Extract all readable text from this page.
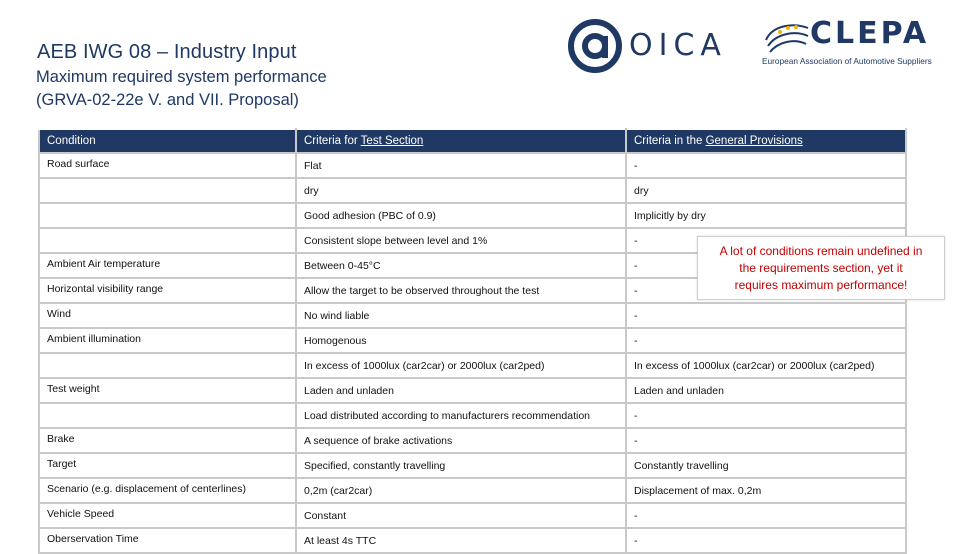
AEB IWG 08 – Industry Input
Maximum required system performance
(GRVA-02-22e V. and VII. Proposal)
OICA	CLEPA
European Association of Automotive Suppliers
Condition	Criteria for Test Section	Criteria in the General Provisions
Road surface	Flat	-
	dry	dry
	Good adhesion (PBC of 0.9)	Implicitly by dry
	Consistent slope between level and 1%	-
Ambient Air temperature	Between 0-45°C	-
Horizontal visibility range	Allow the target to be observed throughout the test	-
Wind	No wind liable	-
Ambient illumination	Homogenous	-
	In excess of 1000lux (car2car) or 2000lux (car2ped)	In excess of 1000lux (car2car) or 2000lux (car2ped)
Test weight	Laden and unladen	Laden and unladen
	Load distributed according to manufacturers recommendation	-
Brake	A sequence of brake activations	-
Target	Specified, constantly travelling	Constantly travelling
Scenario (e.g. displacement of centerlines)	0,2m (car2car)	Displacement of max. 0,2m
Vehicle Speed	Constant	-
Oberservation Time	At least 4s TTC	-
A lot of conditions remain undefined in
the requirements section, yet it
requires maximum performance!
